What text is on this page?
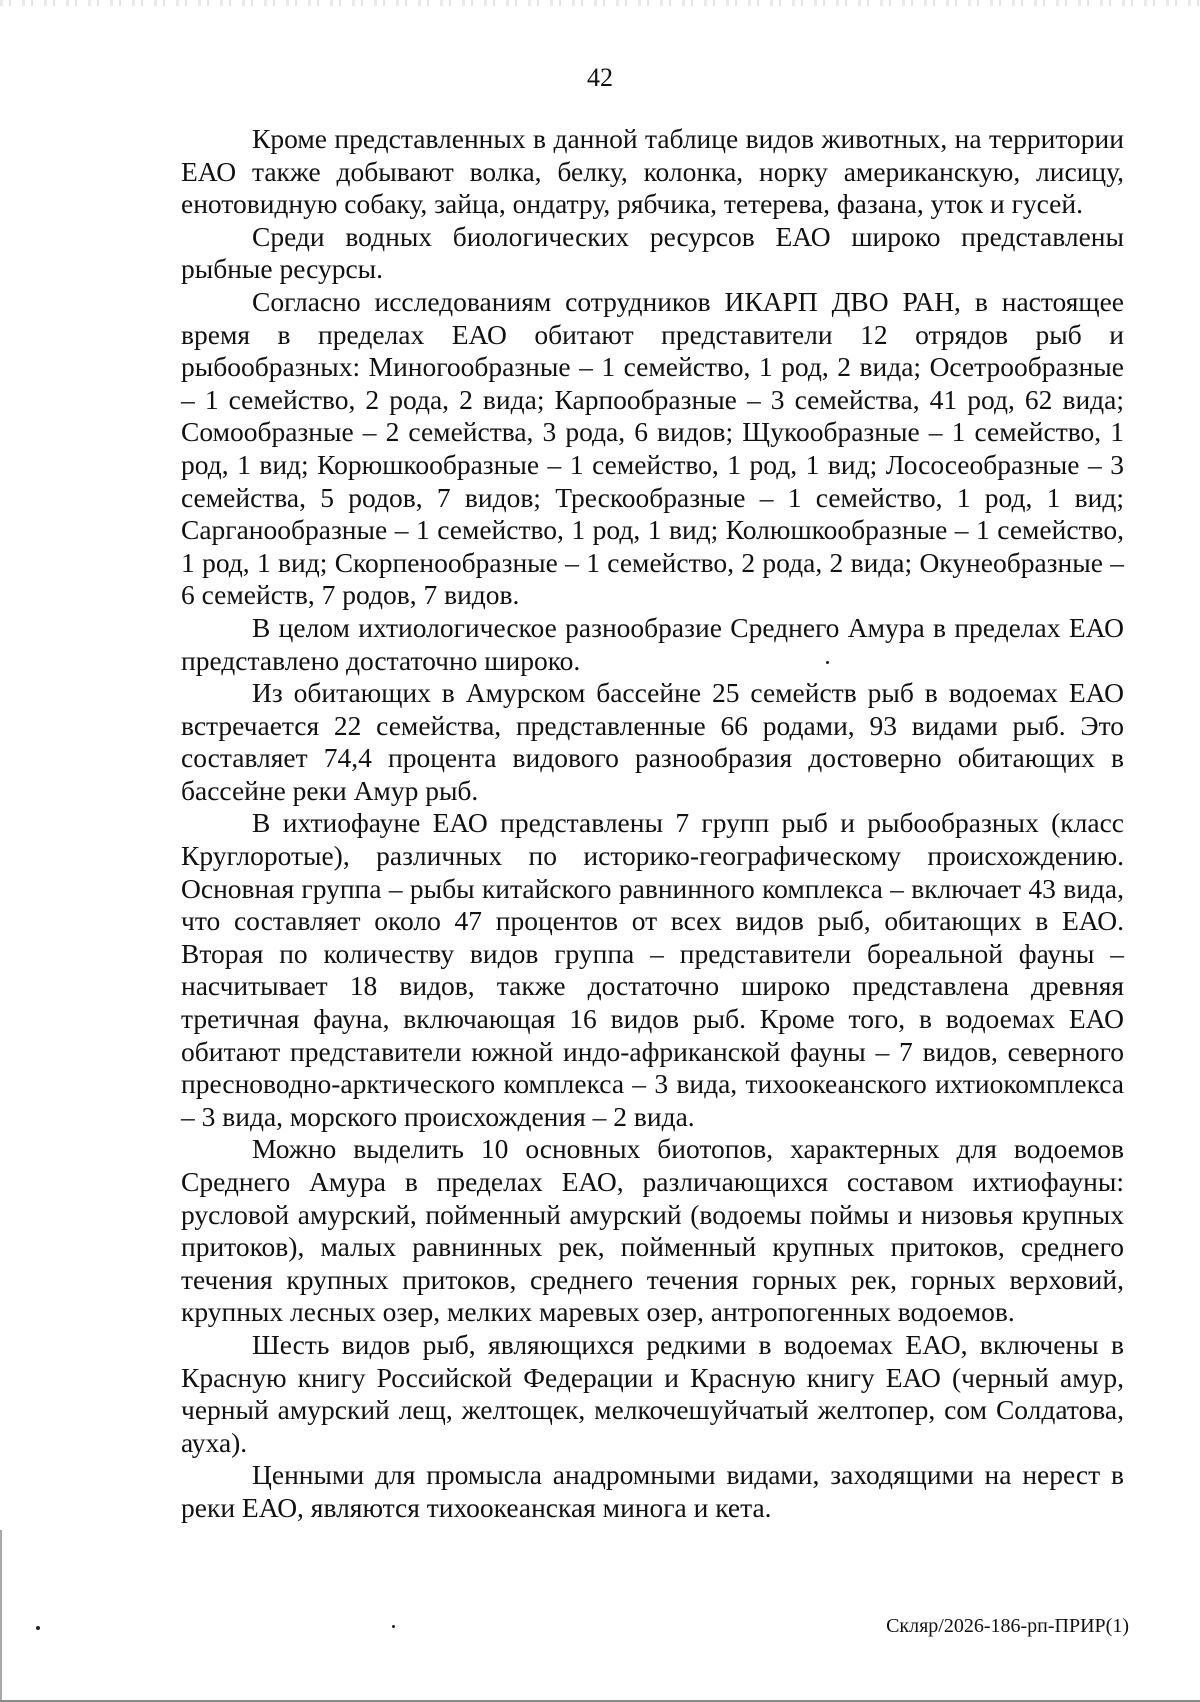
42

Кроме представленных в данной таблице видов животных, на территории ЕАО также добывают волка, белку, колонка, норку американскую, лисицу, енотовидную собаку, зайца, ондатру, рябчика, тетерева, фазана, уток и гусей.

Среди водных биологических ресурсов ЕАО широко представлены рыбные ресурсы.

Согласно исследованиям сотрудников ИКАРП ДВО РАН, в настоящее время в пределах ЕАО обитают представители 12 отрядов рыб и рыбообразных: Миногообразные – 1 семейство, 1 род, 2 вида; Осетрообразные – 1 семейство, 2 рода, 2 вида; Карпообразные – 3 семейства, 41 род, 62 вида; Сомообразные – 2 семейства, 3 рода, 6 видов; Щукообразные – 1 семейство, 1 род, 1 вид; Корюшкообразные – 1 семейство, 1 род, 1 вид; Лососеобразные – 3 семейства, 5 родов, 7 видов; Трескообразные – 1 семейство, 1 род, 1 вид; Сарганообразные – 1 семейство, 1 род, 1 вид; Колюшкообразные – 1 семейство, 1 род, 1 вид; Скорпенообразные – 1 семейство, 2 рода, 2 вида; Окунеобразные – 6 семейств, 7 родов, 7 видов.

В целом ихтиологическое разнообразие Среднего Амура в пределах ЕАО представлено достаточно широко.

Из обитающих в Амурском бассейне 25 семейств рыб в водоемах ЕАО встречается 22 семейства, представленные 66 родами, 93 видами рыб. Это составляет 74,4 процента видового разнообразия достоверно обитающих в бассейне реки Амур рыб.

В ихтиофауне ЕАО представлены 7 групп рыб и рыбообразных (класс Круглоротые), различных по историко-географическому происхождению. Основная группа – рыбы китайского равнинного комплекса – включает 43 вида, что составляет около 47 процентов от всех видов рыб, обитающих в ЕАО. Вторая по количеству видов группа – представители бореальной фауны – насчитывает 18 видов, также достаточно широко представлена древняя третичная фауна, включающая 16 видов рыб. Кроме того, в водоемах ЕАО обитают представители южной индо-африканской фауны – 7 видов, северного пресноводно-арктического комплекса – 3 вида, тихоокеанского ихтиокомплекса – 3 вида, морского происхождения – 2 вида.

Можно выделить 10 основных биотопов, характерных для водоемов Среднего Амура в пределах ЕАО, различающихся составом ихтиофауны: русловой амурский, пойменный амурский (водоемы поймы и низовья крупных притоков), малых равнинных рек, пойменный крупных притоков, среднего течения крупных притоков, среднего течения горных рек, горных верховий, крупных лесных озер, мелких маревых озер, антропогенных водоемов.

Шесть видов рыб, являющихся редкими в водоемах ЕАО, включены в Красную книгу Российской Федерации и Красную книгу ЕАО (черный амур, черный амурский лещ, желтощек, мелкочешуйчатый желтопер, сом Солдатова, ауха).

Ценными для промысла анадромными видами, заходящими на нерест в реки ЕАО, являются тихоокеанская минога и кета.

Скляр/2026-186-рп-ПРИР(1)
